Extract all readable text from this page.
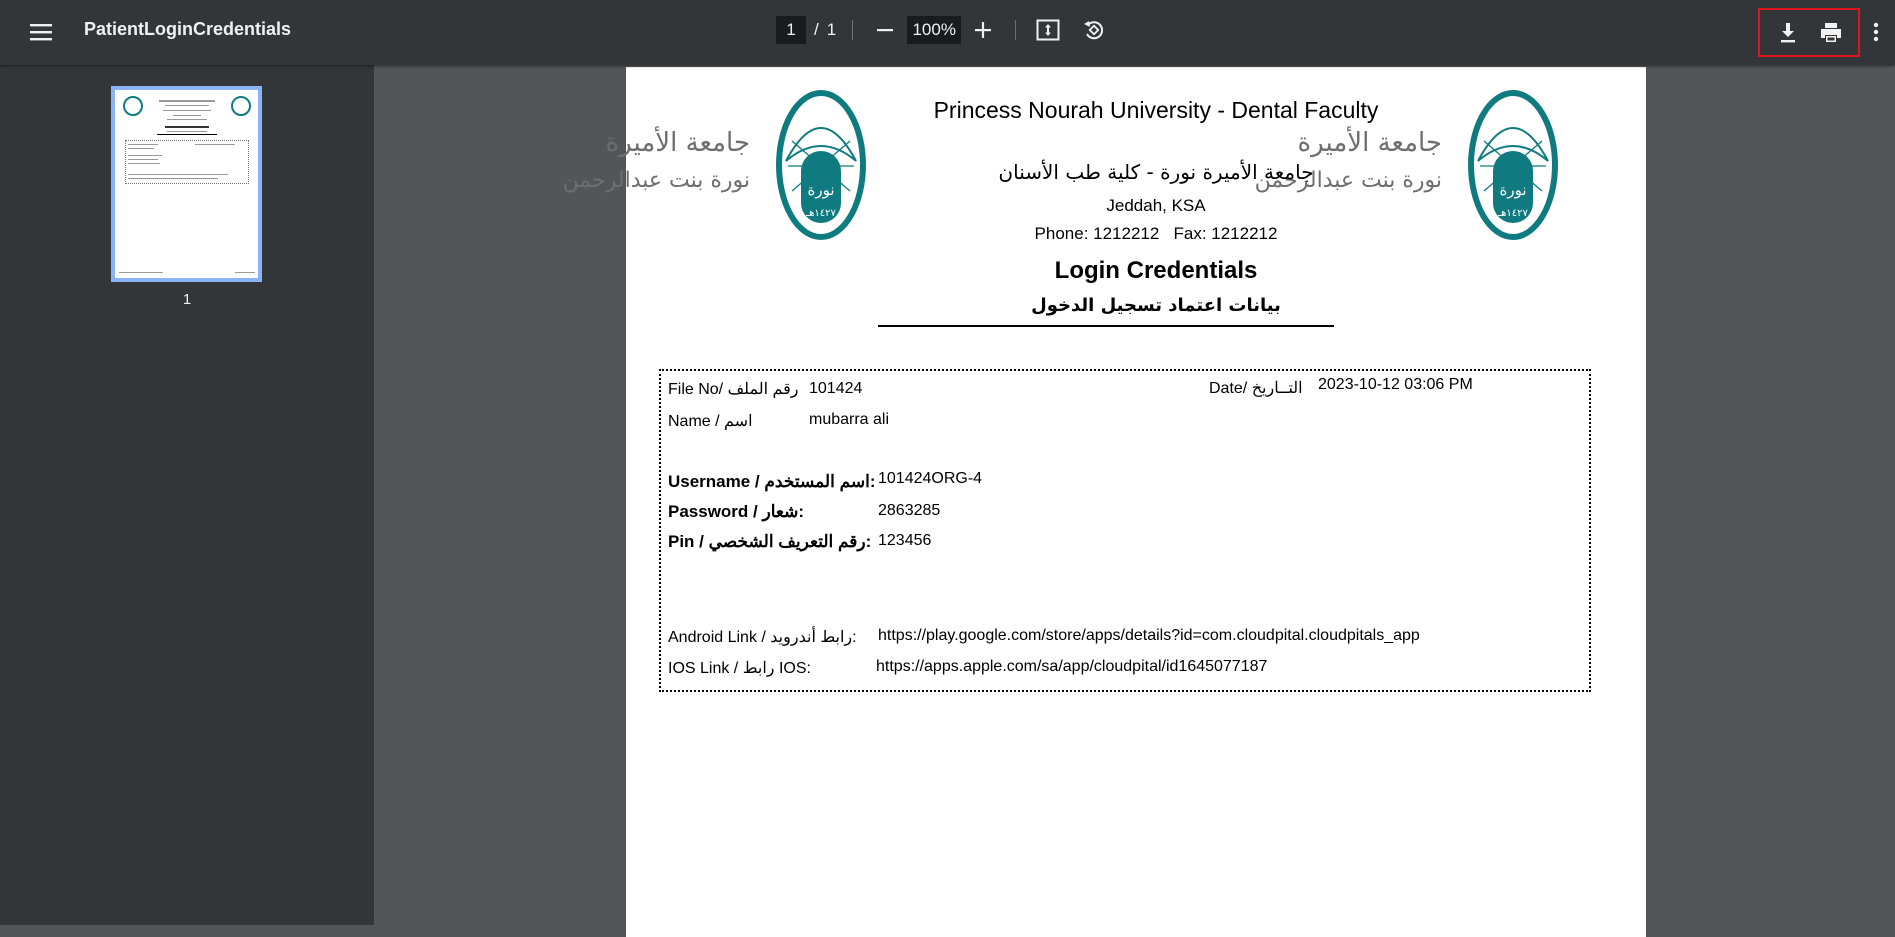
PatientLoginCredentials
1	/ 1
100%
1
جامعة الأميرة
نورة بنت عبدالرحمن	نورة
١٤٢٧هـ
جامعة الأميرة
نورة بنت عبدالرحمن	نورة
١٤٢٧هـ
Princess Nourah University - Dental Faculty
جامعة الأميرة نورة - كلية طب الأسنان
Jeddah, KSA
Phone: 1212212   Fax: 1212212
Login Credentials
بيانات اعتماد تسجيل الدخول
File No/ رقم الملف 101424	Date/ التــاريخ 2023-10-12 03:06 PM
Name / اسم	mubarra ali
Username / اسم المستخدم: 101424ORG-4
Password / شعار:	2863285
Pin / رقم التعريف الشخصي: 123456
Android Link / رابط أندرويد: https://play.google.com/store/apps/details?id=com.cloudpital.cloudpitals_app
IOS Link / رابط IOS:	https://apps.apple.com/sa/app/cloudpital/id1645077187
